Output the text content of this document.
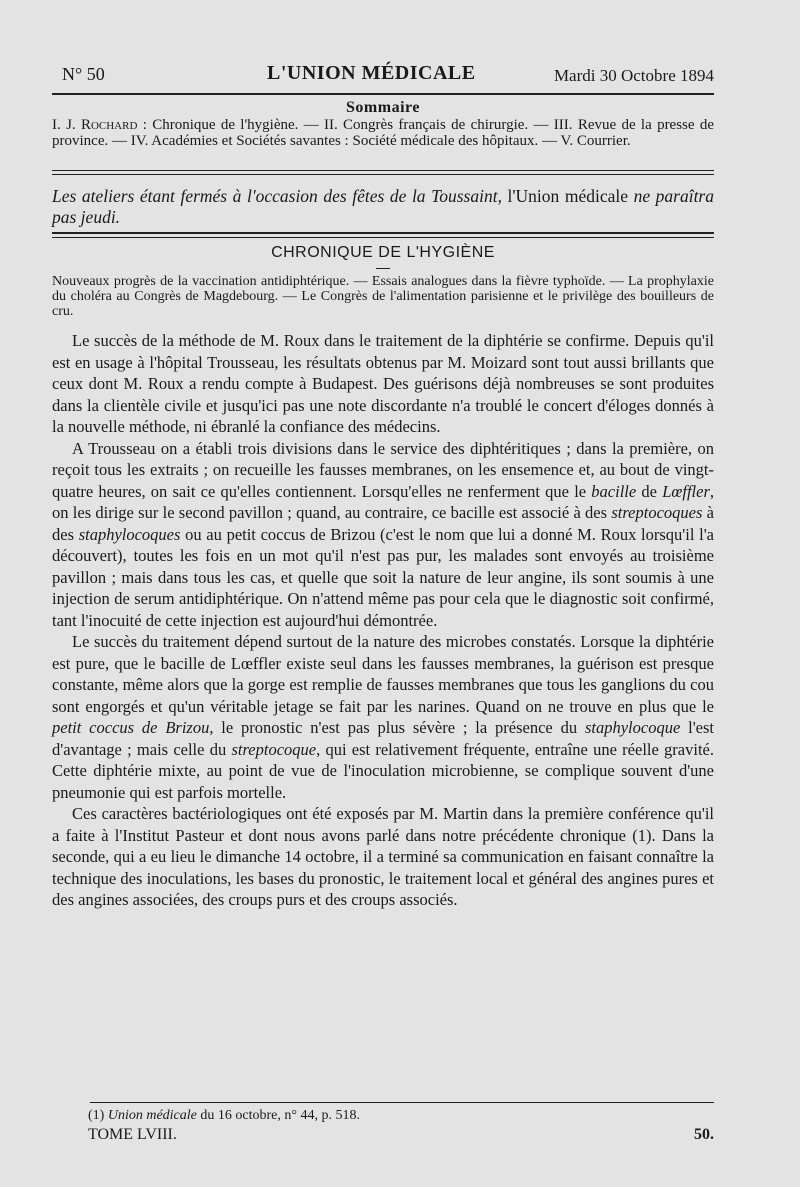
N° 50	L'UNION MÉDICALE	Mardi 30 Octobre 1894
Sommaire
I. J. Rochard : Chronique de l'hygiène. — II. Congrès français de chirurgie. — III. Revue de la presse de province. — IV. Académies et Sociétés savantes : Société médicale des hôpitaux. — V. Courrier.
Les ateliers étant fermés à l'occasion des fêtes de la Toussaint, l'Union médicale ne paraîtra pas jeudi.
CHRONIQUE DE L'HYGIÈNE
Nouveaux progrès de la vaccination antidiphtérique. — Essais analogues dans la fièvre typhoïde. — La prophylaxie du choléra au Congrès de Magdebourg. — Le Congrès de l'alimentation parisienne et le privilège des bouilleurs de cru.

Le succès de la méthode de M. Roux dans le traitement de la diphtérie se confirme. Depuis qu'il est en usage à l'hôpital Trousseau, les résultats obtenus par M. Moizard sont tout aussi brillants que ceux dont M. Roux a rendu compte à Budapest. Des guérisons déjà nombreuses se sont produites dans la clientèle civile et jusqu'ici pas une note discordante n'a troublé le concert d'éloges donnés à la nouvelle méthode, ni ébranlé la confiance des médecins.

A Trousseau on a établi trois divisions dans le service des diphtéritiques ; dans la première, on reçoit tous les extraits ; on recueille les fausses membranes, on les ensemence et, au bout de vingt-quatre heures, on sait ce qu'elles contiennent. Lorsqu'elles ne renferment que le bacille de Lœffler, on les dirige sur le second pavillon ; quand, au contraire, ce bacille est associé à des streptocoques à des staphylocoques ou au petit coccus de Brizou (c'est le nom que lui a donné M. Roux lorsqu'il l'a découvert), toutes les fois en un mot qu'il n'est pas pur, les malades sont envoyés au troisième pavillon ; mais dans tous les cas, et quelle que soit la nature de leur angine, ils sont soumis à une injection de serum antidiphtérique. On n'attend même pas pour cela que le diagnostic soit confirmé, tant l'inocuité de cette injection est aujourd'hui démontrée.

Le succès du traitement dépend surtout de la nature des microbes constatés. Lorsque la diphtérie est pure, que le bacille de Lœffler existe seul dans les fausses membranes, la guérison est presque constante, même alors que la gorge est remplie de fausses membranes que tous les ganglions du cou sont engorgés et qu'un véritable jetage se fait par les narines. Quand on ne trouve en plus que le petit coccus de Brizou, le pronostic n'est pas plus sévère ; la présence du staphylocoque l'est d'avantage ; mais celle du streptocoque, qui est relativement fréquente, entraîne une réelle gravité. Cette diphtérie mixte, au point de vue de l'inoculation microbienne, se complique souvent d'une pneumonie qui est parfois mortelle.

Ces caractères bactériologiques ont été exposés par M. Martin dans la première conférence qu'il a faite à l'Institut Pasteur et dont nous avons parlé dans notre précédente chronique (1). Dans la seconde, qui a eu lieu le dimanche 14 octobre, il a terminé sa communication en faisant connaître la technique des inoculations, les bases du pronostic, le traitement local et général des angines pures et des angines associées, des croups purs et des croups associés.

(1) Union médicale du 16 octobre, n° 44, p. 518.
TOME LVIII.	50.
